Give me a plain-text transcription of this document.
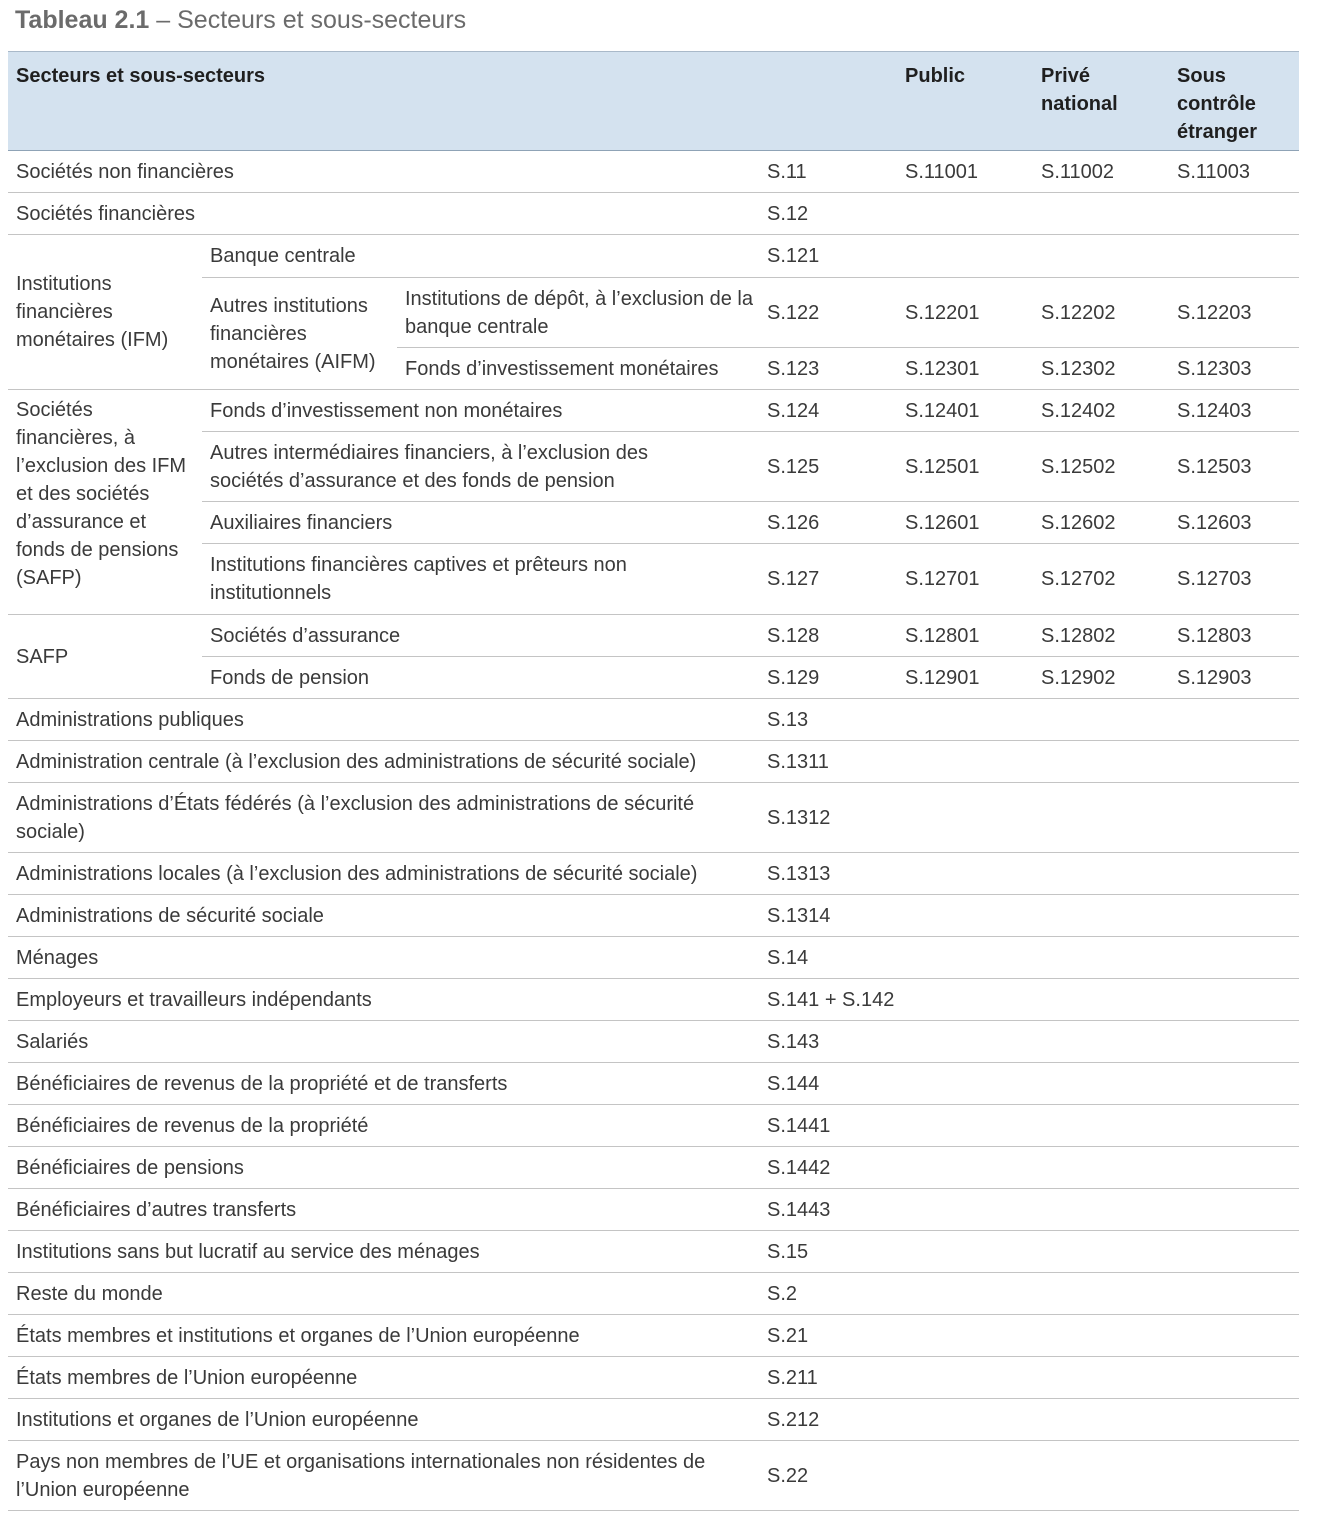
Tableau 2.1 – Secteurs et sous-secteurs
Secteurs et sous-secteurs				Public	Privé national	Sous contrôle étranger
Sociétés non financières			S.11	S.11001	S.11002	S.11003
Sociétés financières			S.12			
Institutions financières monétaires (IFM)	Banque centrale		S.121			
	Autres institutions financières monétaires (AIFM)	Institutions de dépôt, à l’exclusion de la banque centrale	S.122	S.12201	S.12202	S.12203
		Fonds d’investissement monétaires	S.123	S.12301	S.12302	S.12303
Sociétés financières, à l’exclusion des IFM et des sociétés d’assurance et fonds de pensions (SAFP)	Fonds d’investissement non monétaires		S.124	S.12401	S.12402	S.12403
	Autres intermédiaires financiers, à l’exclusion des sociétés d’assurance et des fonds de pension		S.125	S.12501	S.12502	S.12503
	Auxiliaires financiers		S.126	S.12601	S.12602	S.12603
	Institutions financières captives et prêteurs non institutionnels		S.127	S.12701	S.12702	S.12703
SAFP	Sociétés d’assurance		S.128	S.12801	S.12802	S.12803
	Fonds de pension		S.129	S.12901	S.12902	S.12903
Administrations publiques			S.13			
Administration centrale (à l’exclusion des administrations de sécurité sociale)			S.1311			
Administrations d’États fédérés (à l’exclusion des administrations de sécurité sociale)			S.1312			
Administrations locales (à l’exclusion des administrations de sécurité sociale)			S.1313			
Administrations de sécurité sociale			S.1314			
Ménages			S.14			
Employeurs et travailleurs indépendants			S.141 + S.142			
Salariés			S.143			
Bénéficiaires de revenus de la propriété et de transferts			S.144			
Bénéficiaires de revenus de la propriété			S.1441			
Bénéficiaires de pensions			S.1442			
Bénéficiaires d’autres transferts			S.1443			
Institutions sans but lucratif au service des ménages			S.15			
Reste du monde			S.2			
États membres et institutions et organes de l’Union européenne			S.21			
États membres de l’Union européenne			S.211			
Institutions et organes de l’Union européenne			S.212			
Pays non membres de l’UE et organisations internationales non résidentes de l’Union européenne			S.22			
